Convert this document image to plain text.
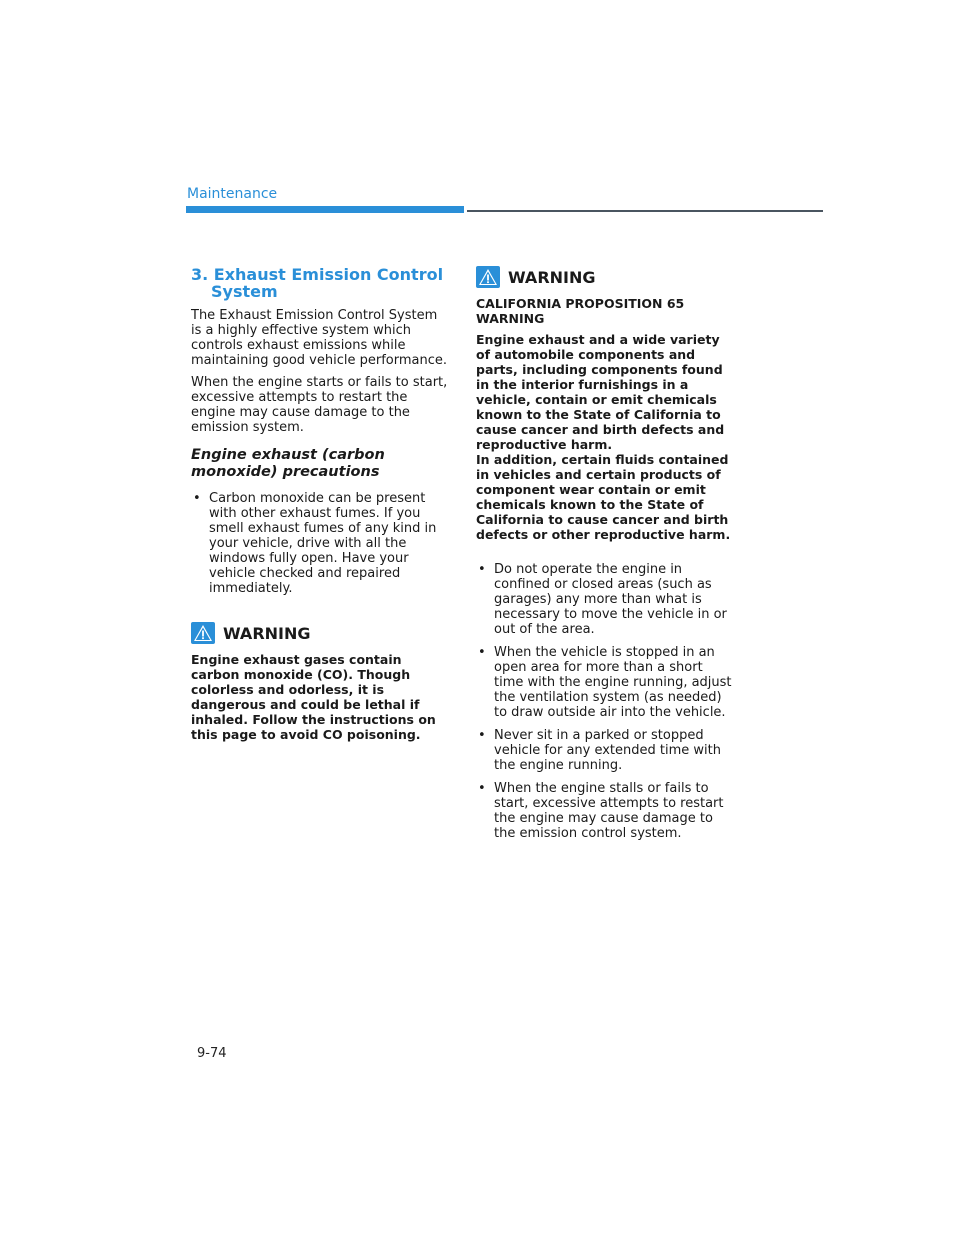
Maintenance
3. Exhaust Emission Control System

The Exhaust Emission Control System is a highly effective system which controls exhaust emissions while maintaining good vehicle performance.

When the engine starts or fails to start, excessive attempts to restart the engine may cause damage to the emission system.

Engine exhaust (carbon monoxide) precautions
• Carbon monoxide can be present with other exhaust fumes. If you smell exhaust fumes of any kind in your vehicle, drive with all the windows fully open. Have your vehicle checked and repaired immediately.
WARNING
Engine exhaust gases contain carbon monoxide (CO). Though colorless and odorless, it is dangerous and could be lethal if inhaled. Follow the instructions on this page to avoid CO poisoning.
WARNING
CALIFORNIA PROPOSITION 65 WARNING
Engine exhaust and a wide variety of automobile components and parts, including components found in the interior furnishings in a vehicle, contain or emit chemicals known to the State of California to cause cancer and birth defects and reproductive harm.
In addition, certain fluids contained in vehicles and certain products of component wear contain or emit chemicals known to the State of California to cause cancer and birth defects or other reproductive harm.
• Do not operate the engine in confined or closed areas (such as garages) any more than what is necessary to move the vehicle in or out of the area.
• When the vehicle is stopped in an open area for more than a short time with the engine running, adjust the ventilation system (as needed) to draw outside air into the vehicle.
• Never sit in a parked or stopped vehicle for any extended time with the engine running.
• When the engine stalls or fails to start, excessive attempts to restart the engine may cause damage to the emission control system.
9-74
